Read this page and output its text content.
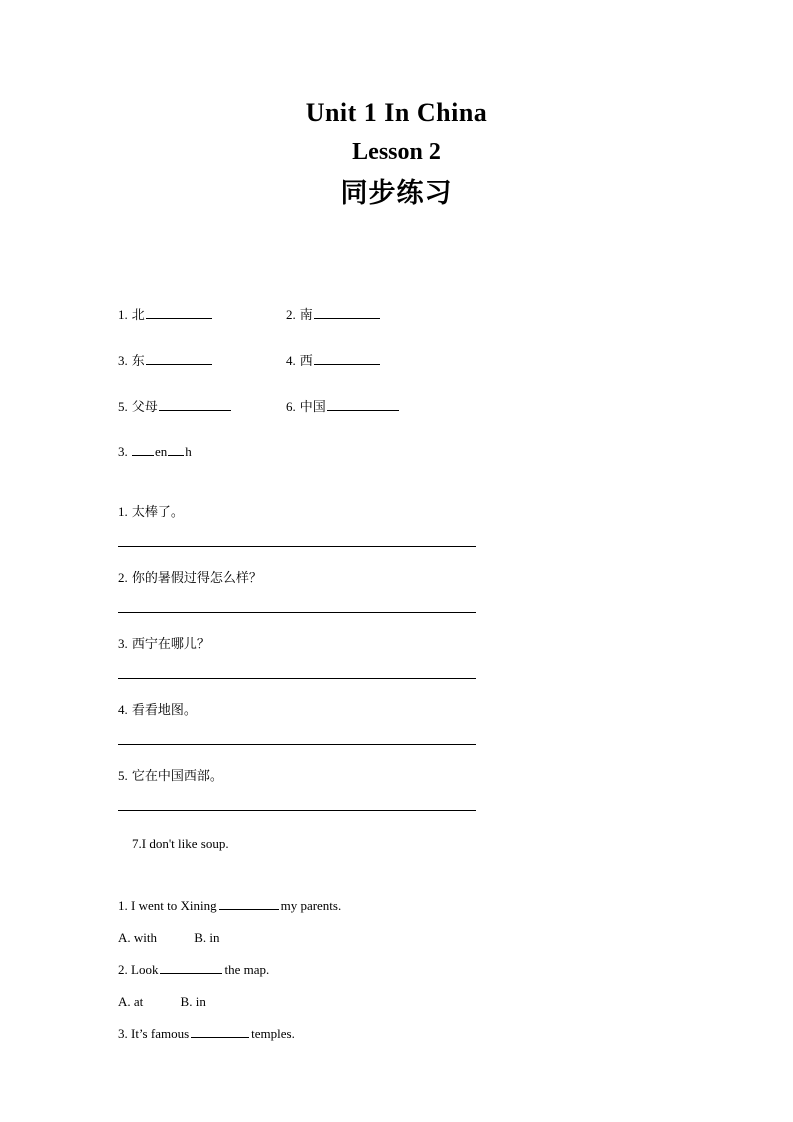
Unit 1 In China
Lesson 2
同步练习
1. 北	2. 南
3. 东	4. 西
5. 父母	6. 中国
3. en h
1. 太棒了。
2. 你的暑假过得怎么样？
3. 西宁在哪儿？
4. 看看地图。
5. 它在中国西部。
7.I don't like soup.
1. I went to Xining	my parents.
A. with	B. in
2. Look	the map.
A. at	B. in
3. It’s famous	temples.
